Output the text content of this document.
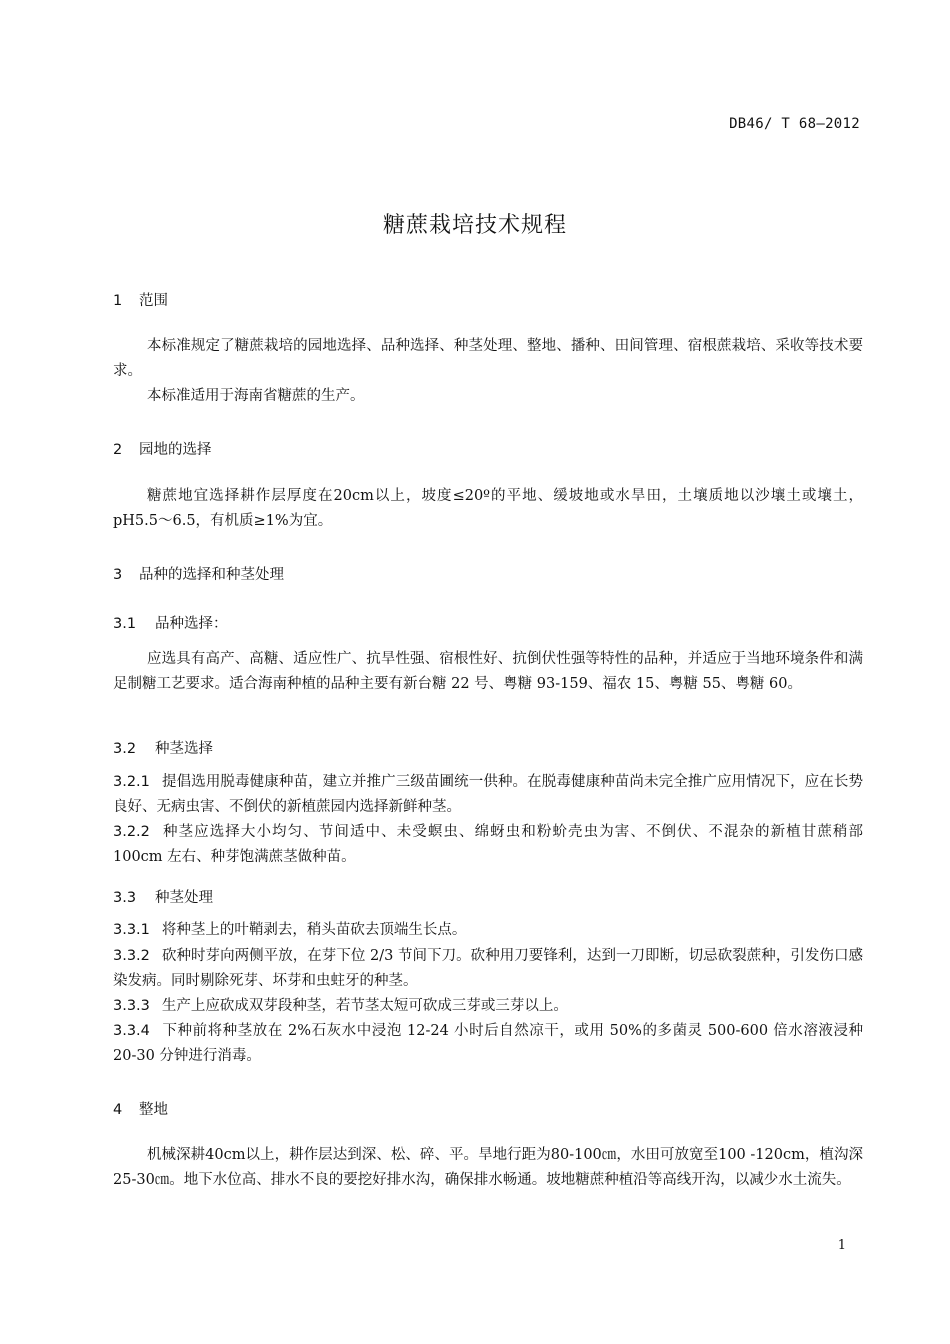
DB46/ T 68—2012
糖蔗栽培技术规程
1 范围
本标准规定了糖蔗栽培的园地选择、品种选择、种茎处理、整地、播种、田间管理、宿根蔗栽培、采收等技术要求。
本标准适用于海南省糖蔗的生产。
2 园地的选择
糖蔗地宜选择耕作层厚度在20cm以上，坡度≤20º的平地、缓坡地或水旱田，土壤质地以沙壤土或壤土，pH5.5～6.5，有机质≥1%为宜。
3 品种的选择和种茎处理
3.1 品种选择：
应选具有高产、高糖、适应性广、抗旱性强、宿根性好、抗倒伏性强等特性的品种，并适应于当地环境条件和满足制糖工艺要求。适合海南种植的品种主要有新台糖 22 号、粤糖 93-159、福农 15、粤糖 55、粤糖 60。
3.2 种茎选择
3.2.1 提倡选用脱毒健康种苗，建立并推广三级苗圃统一供种。在脱毒健康种苗尚未完全推广应用情况下，应在长势良好、无病虫害、不倒伏的新植蔗园内选择新鲜种茎。
3.2.2 种茎应选择大小均匀、节间适中、未受螟虫、绵蚜虫和粉蚧壳虫为害、不倒伏、不混杂的新植甘蔗稍部 100cm 左右、种芽饱满蔗茎做种苗。
3.3 种茎处理
3.3.1 将种茎上的叶鞘剥去，稍头苗砍去顶端生长点。
3.3.2 砍种时芽向两侧平放，在芽下位 2/3 节间下刀。砍种用刀要锋利，达到一刀即断，切忌砍裂蔗种，引发伤口感染发病。同时剔除死芽、坏芽和虫蛀牙的种茎。
3.3.3 生产上应砍成双芽段种茎，若节茎太短可砍成三芽或三芽以上。
3.3.4 下种前将种茎放在 2%石灰水中浸泡 12-24 小时后自然凉干，或用 50%的多菌灵 500-600 倍水溶液浸种 20-30 分钟进行消毒。
4 整地
机械深耕40cm以上，耕作层达到深、松、碎、平。旱地行距为80-100㎝，水田可放宽至100 -120cm，植沟深25-30㎝。地下水位高、排水不良的要挖好排水沟，确保排水畅通。坡地糖蔗种植沿等高线开沟，以减少水土流失。
1
